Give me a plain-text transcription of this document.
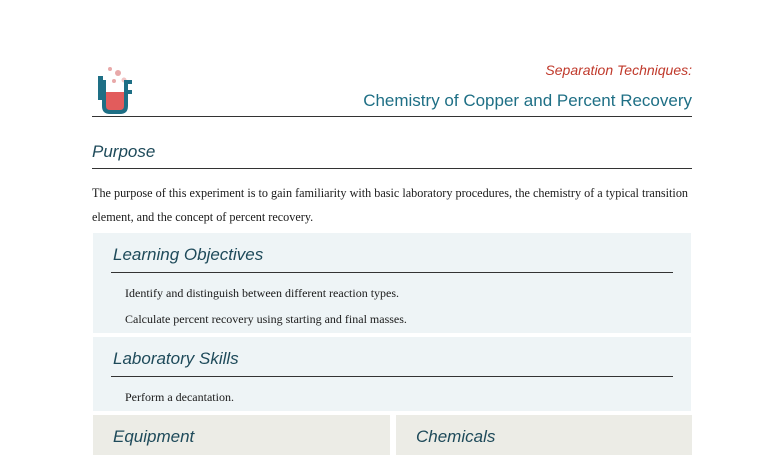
Separation Techniques:
Chemistry of Copper and Percent Recovery
Purpose
The purpose of this experiment is to gain familiarity with basic laboratory procedures, the chemistry of a typical transition element, and the concept of percent recovery.
Learning Objectives
Identify and distinguish between different reaction types.
Calculate percent recovery using starting and final masses.
Laboratory Skills
Perform a decantation.
Equipment	Chemicals
